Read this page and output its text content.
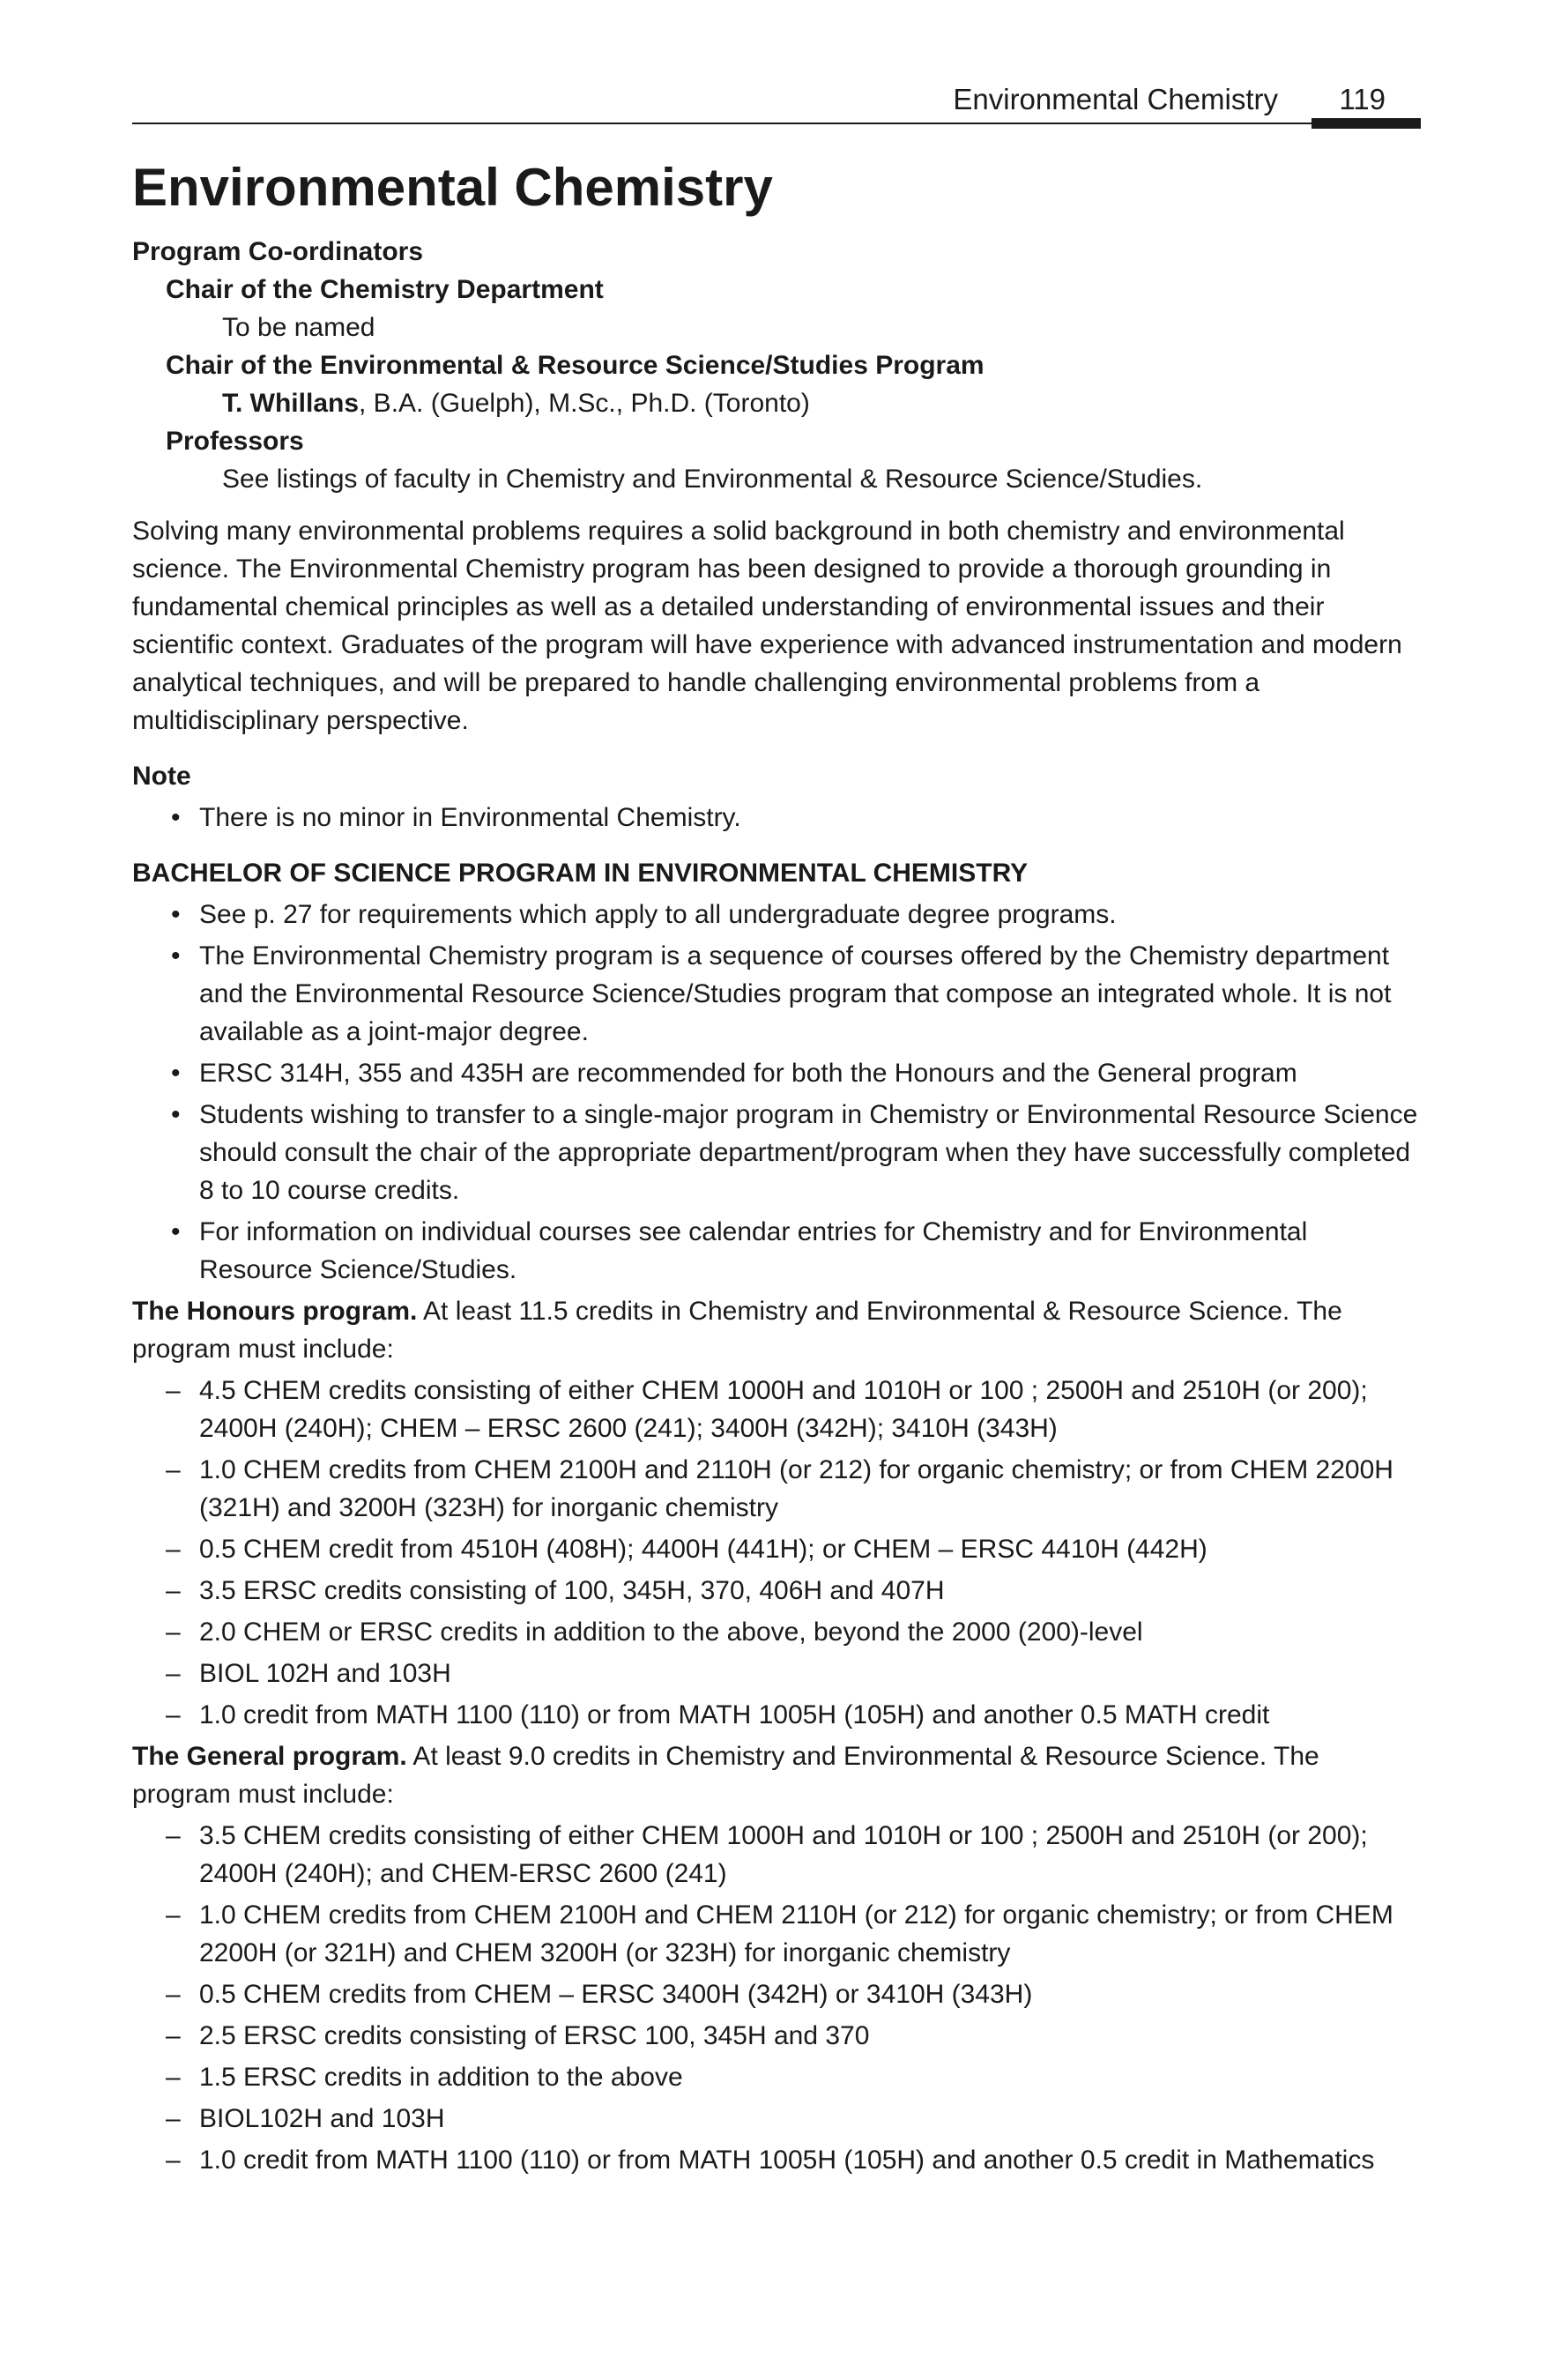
Environmental Chemistry 119
Environmental Chemistry
Program Co-ordinators
Chair of the Chemistry Department
To be named
Chair of the Environmental & Resource Science/Studies Program
T. Whillans, B.A. (Guelph), M.Sc., Ph.D. (Toronto)
Professors
See listings of faculty in Chemistry and Environmental & Resource Science/Studies.

Solving many environmental problems requires a solid background in both chemistry and environmental science. The Environmental Chemistry program has been designed to provide a thorough grounding in fundamental chemical principles as well as a detailed understanding of environmental issues and their scientific context. Graduates of the program will have experience with advanced instrumentation and modern analytical techniques, and will be prepared to handle challenging environmental problems from a multidisciplinary perspective.

Note
• There is no minor in Environmental Chemistry.
BACHELOR OF SCIENCE PROGRAM IN ENVIRONMENTAL CHEMISTRY
• See p. 27 for requirements which apply to all undergraduate degree programs.
• The Environmental Chemistry program is a sequence of courses offered by the Chemistry department and the Environmental Resource Science/Studies program that compose an integrated whole. It is not available as a joint-major degree.
• ERSC 314H, 355 and 435H are recommended for both the Honours and the General program
• Students wishing to transfer to a single-major program in Chemistry or Environmental Resource Science should consult the chair of the appropriate department/program when they have successfully completed 8 to 10 course credits.
• For information on individual courses see calendar entries for Chemistry and for Environmental Resource Science/Studies.

The Honours program. At least 11.5 credits in Chemistry and Environmental & Resource Science. The program must include:

– 4.5 CHEM credits consisting of either CHEM 1000H and 1010H or 100 ; 2500H and 2510H (or 200); 2400H (240H); CHEM – ERSC 2600 (241); 3400H (342H); 3410H (343H)
– 1.0 CHEM credits from CHEM 2100H and 2110H (or 212) for organic chemistry; or from CHEM 2200H (321H) and 3200H (323H) for inorganic chemistry
– 0.5 CHEM credit from 4510H (408H); 4400H (441H); or CHEM – ERSC 4410H (442H)
– 3.5 ERSC credits consisting of 100, 345H, 370, 406H and 407H
– 2.0 CHEM or ERSC credits in addition to the above, beyond the 2000 (200)-level
– BIOL 102H and 103H
– 1.0 credit from MATH 1100 (110) or from MATH 1005H (105H) and another 0.5 MATH credit

The General program. At least 9.0 credits in Chemistry and Environmental & Resource Science. The program must include:

– 3.5 CHEM credits consisting of either CHEM 1000H and 1010H or 100 ; 2500H and 2510H (or 200); 2400H (240H); and CHEM-ERSC 2600 (241)
– 1.0 CHEM credits from CHEM 2100H and CHEM 2110H (or 212) for organic chemistry; or from CHEM 2200H (or 321H) and CHEM 3200H (or 323H) for inorganic chemistry
– 0.5 CHEM credits from CHEM – ERSC 3400H (342H) or 3410H (343H)
– 2.5 ERSC credits consisting of ERSC 100, 345H and 370
– 1.5 ERSC credits in addition to the above
– BIOL102H and 103H
– 1.0 credit from MATH 1100 (110) or from MATH 1005H (105H) and another 0.5 credit in Mathematics
